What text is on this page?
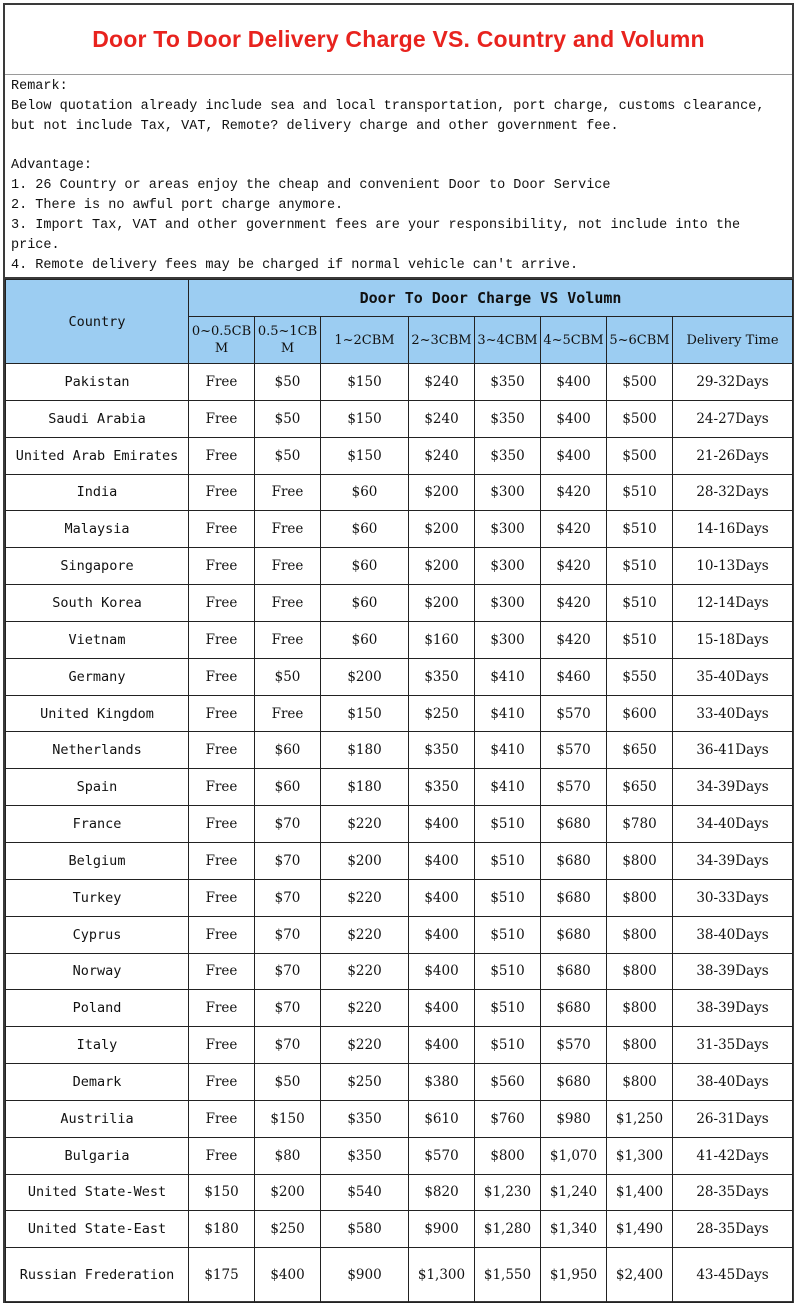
Door To Door Delivery Charge VS. Country and Volumn
Remark:
Below quotation already include sea and local transportation, port charge, customs clearance,
but not include Tax, VAT, Remote? delivery charge and other government fee.
Advantage:
1. 26 Country or areas enjoy the cheap and convenient Door to Door Service
2. There is no awful port charge anymore.
3. Import Tax, VAT and other government fees are your responsibility, not include into the
price.
4. Remote delivery fees may be charged if normal vehicle can't arrive.
Country	Door To Door Charge VS Volumn							
	0~0.5CB M	0.5~1CB M	1~2CBM	2~3CBM	3~4CBM	4~5CBM	5~6CBM	Delivery Time
Pakistan	Free	$50	$150	$240	$350	$400	$500	29-32Days
Saudi Arabia	Free	$50	$150	$240	$350	$400	$500	24-27Days
United Arab Emirates	Free	$50	$150	$240	$350	$400	$500	21-26Days
India	Free	Free	$60	$200	$300	$420	$510	28-32Days
Malaysia	Free	Free	$60	$200	$300	$420	$510	14-16Days
Singapore	Free	Free	$60	$200	$300	$420	$510	10-13Days
South Korea	Free	Free	$60	$200	$300	$420	$510	12-14Days
Vietnam	Free	Free	$60	$160	$300	$420	$510	15-18Days
Germany	Free	$50	$200	$350	$410	$460	$550	35-40Days
United Kingdom	Free	Free	$150	$250	$410	$570	$600	33-40Days
Netherlands	Free	$60	$180	$350	$410	$570	$650	36-41Days
Spain	Free	$60	$180	$350	$410	$570	$650	34-39Days
France	Free	$70	$220	$400	$510	$680	$780	34-40Days
Belgium	Free	$70	$200	$400	$510	$680	$800	34-39Days
Turkey	Free	$70	$220	$400	$510	$680	$800	30-33Days
Cyprus	Free	$70	$220	$400	$510	$680	$800	38-40Days
Norway	Free	$70	$220	$400	$510	$680	$800	38-39Days
Poland	Free	$70	$220	$400	$510	$680	$800	38-39Days
Italy	Free	$70	$220	$400	$510	$570	$800	31-35Days
Demark	Free	$50	$250	$380	$560	$680	$800	38-40Days
Austrilia	Free	$150	$350	$610	$760	$980	$1,250	26-31Days
Bulgaria	Free	$80	$350	$570	$800	$1,070	$1,300	41-42Days
United State-West	$150	$200	$540	$820	$1,230	$1,240	$1,400	28-35Days
United State-East	$180	$250	$580	$900	$1,280	$1,340	$1,490	28-35Days
Russian Frederation	$175	$400	$900	$1,300	$1,550	$1,950	$2,400	43-45Days
